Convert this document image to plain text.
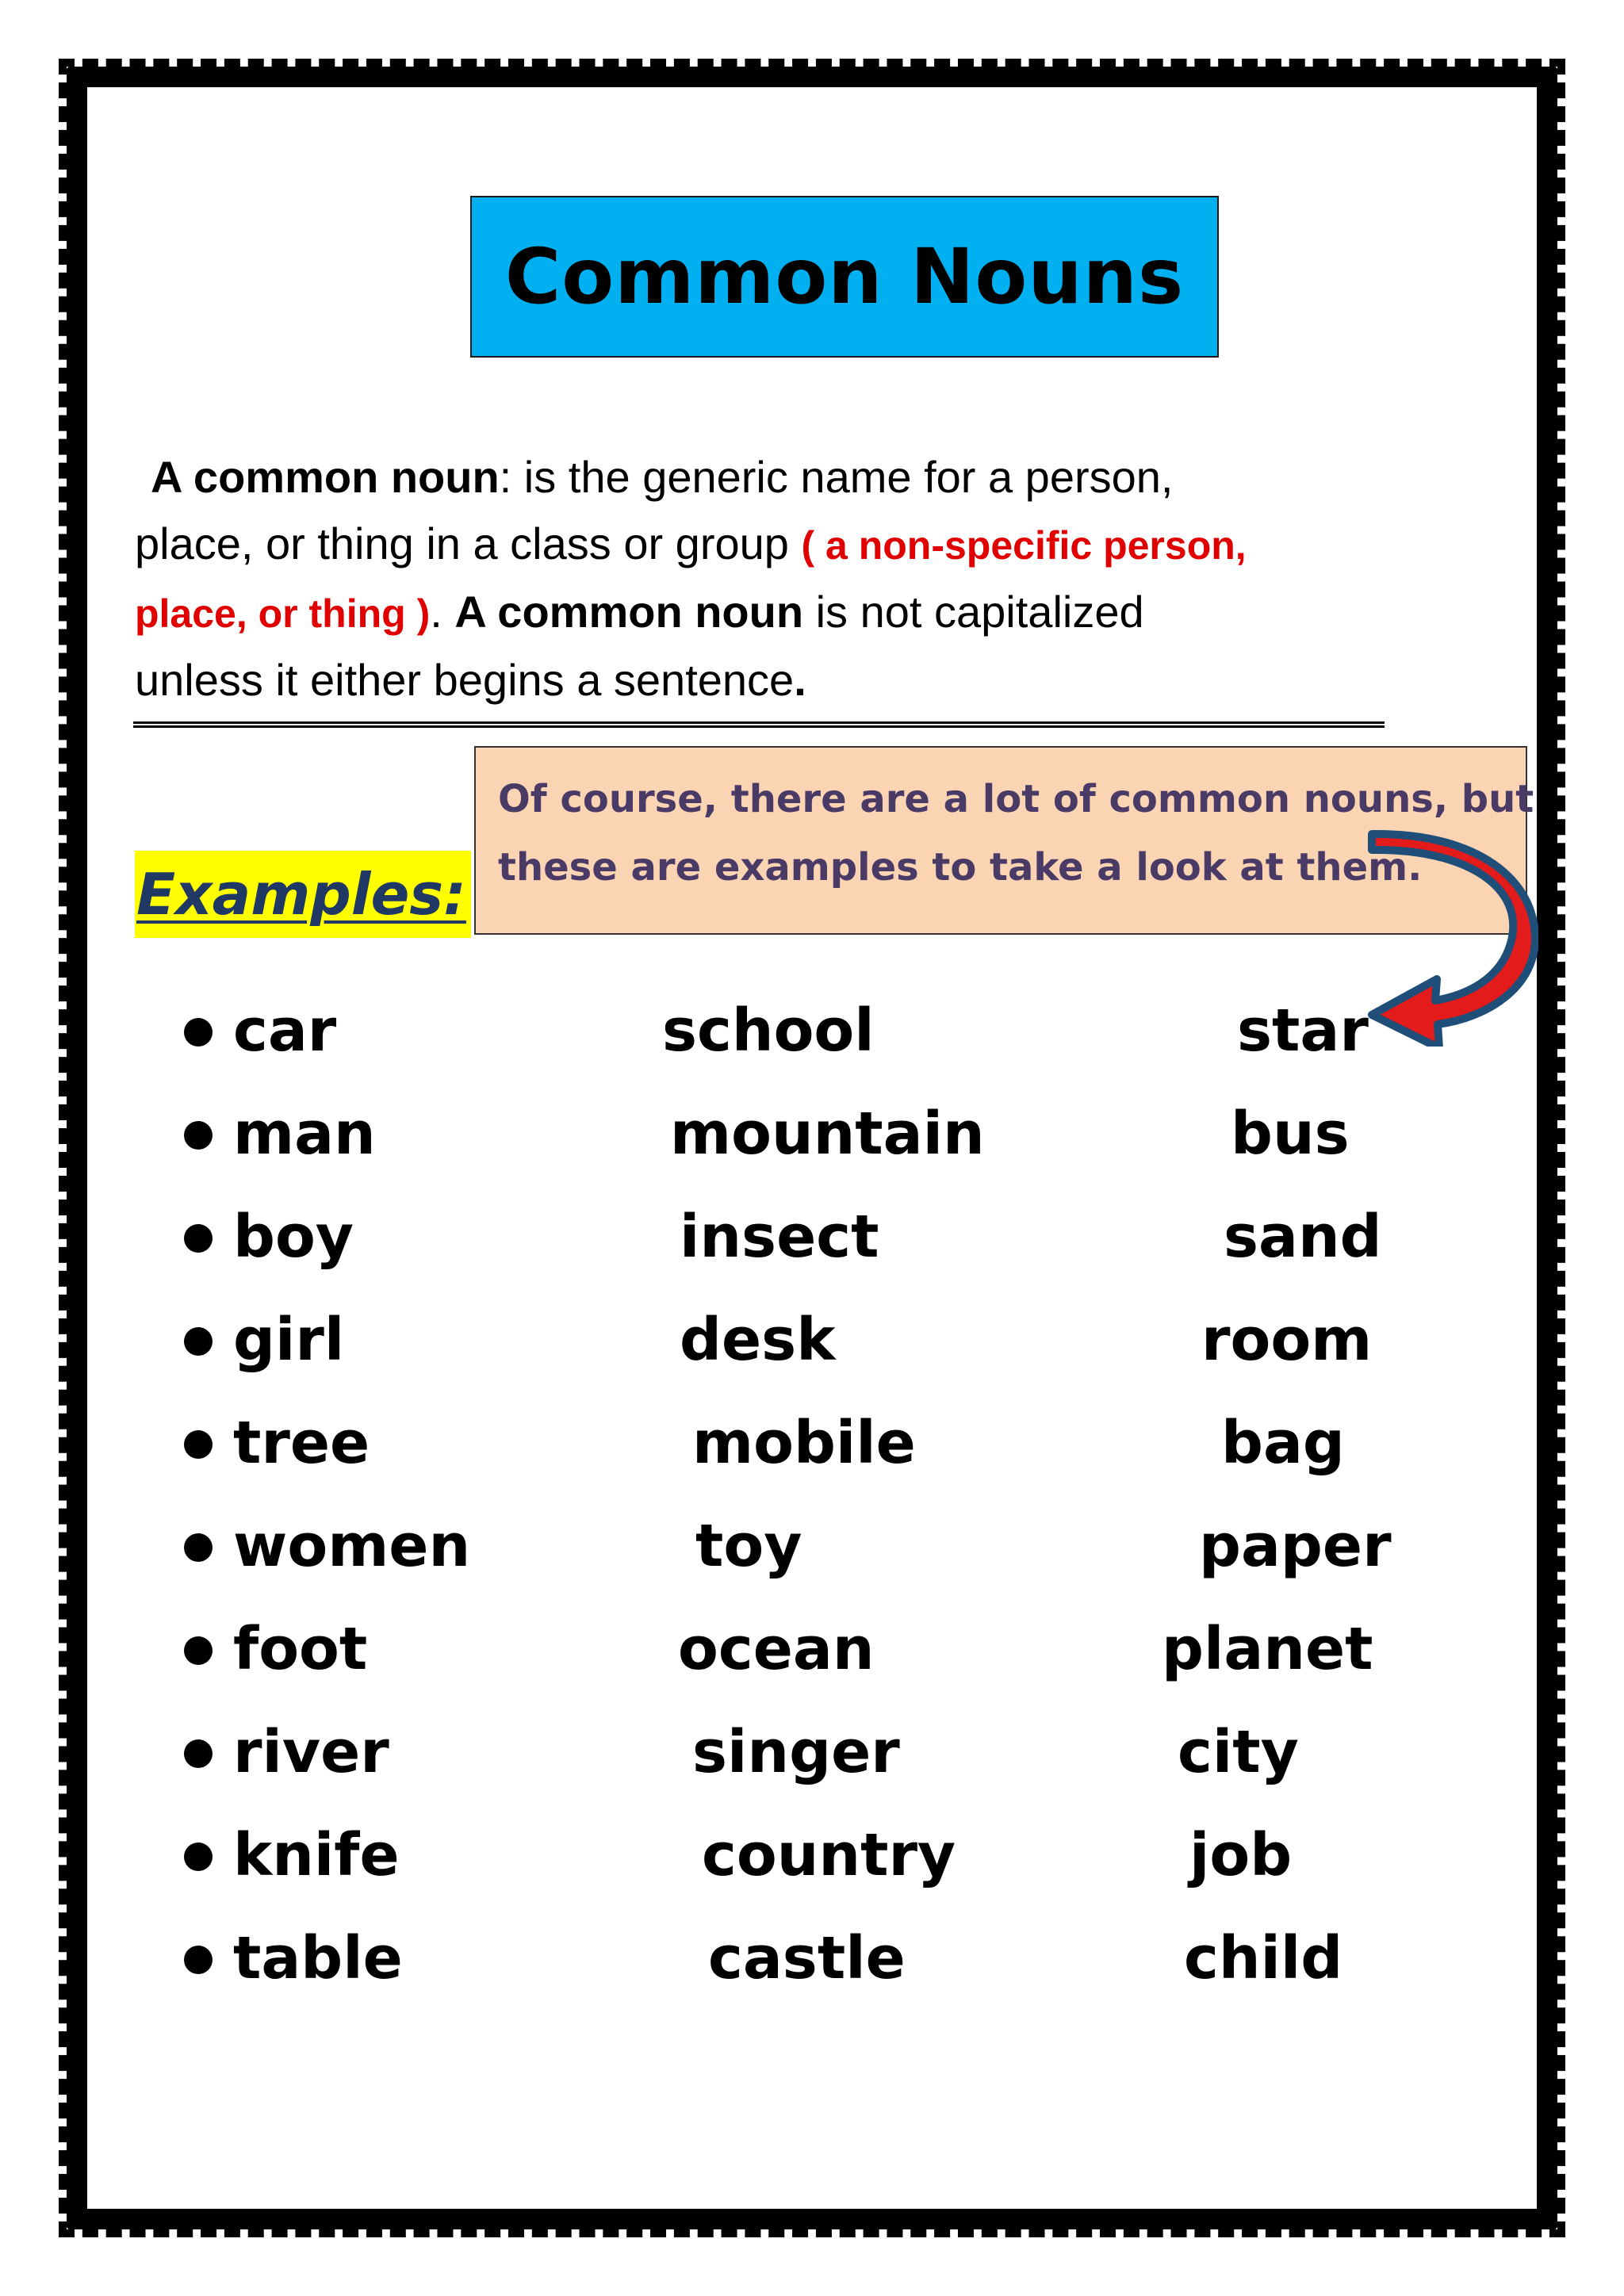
Common Nouns
A common noun: is the generic name for a person,
place, or thing in a class or group ( a non-specific person,
place, or thing ). A common noun is not capitalized
unless it either begins a sentence.
Of course, there are a lot of common nouns, but
these are examples to take a look at them.
Examples:
car
man
boy
girl
tree
women
foot
river
knife
table
school
mountain
insect
desk
mobile
toy
ocean
singer
country
castle
star
bus
sand
room
bag
paper
planet
city
job
child
